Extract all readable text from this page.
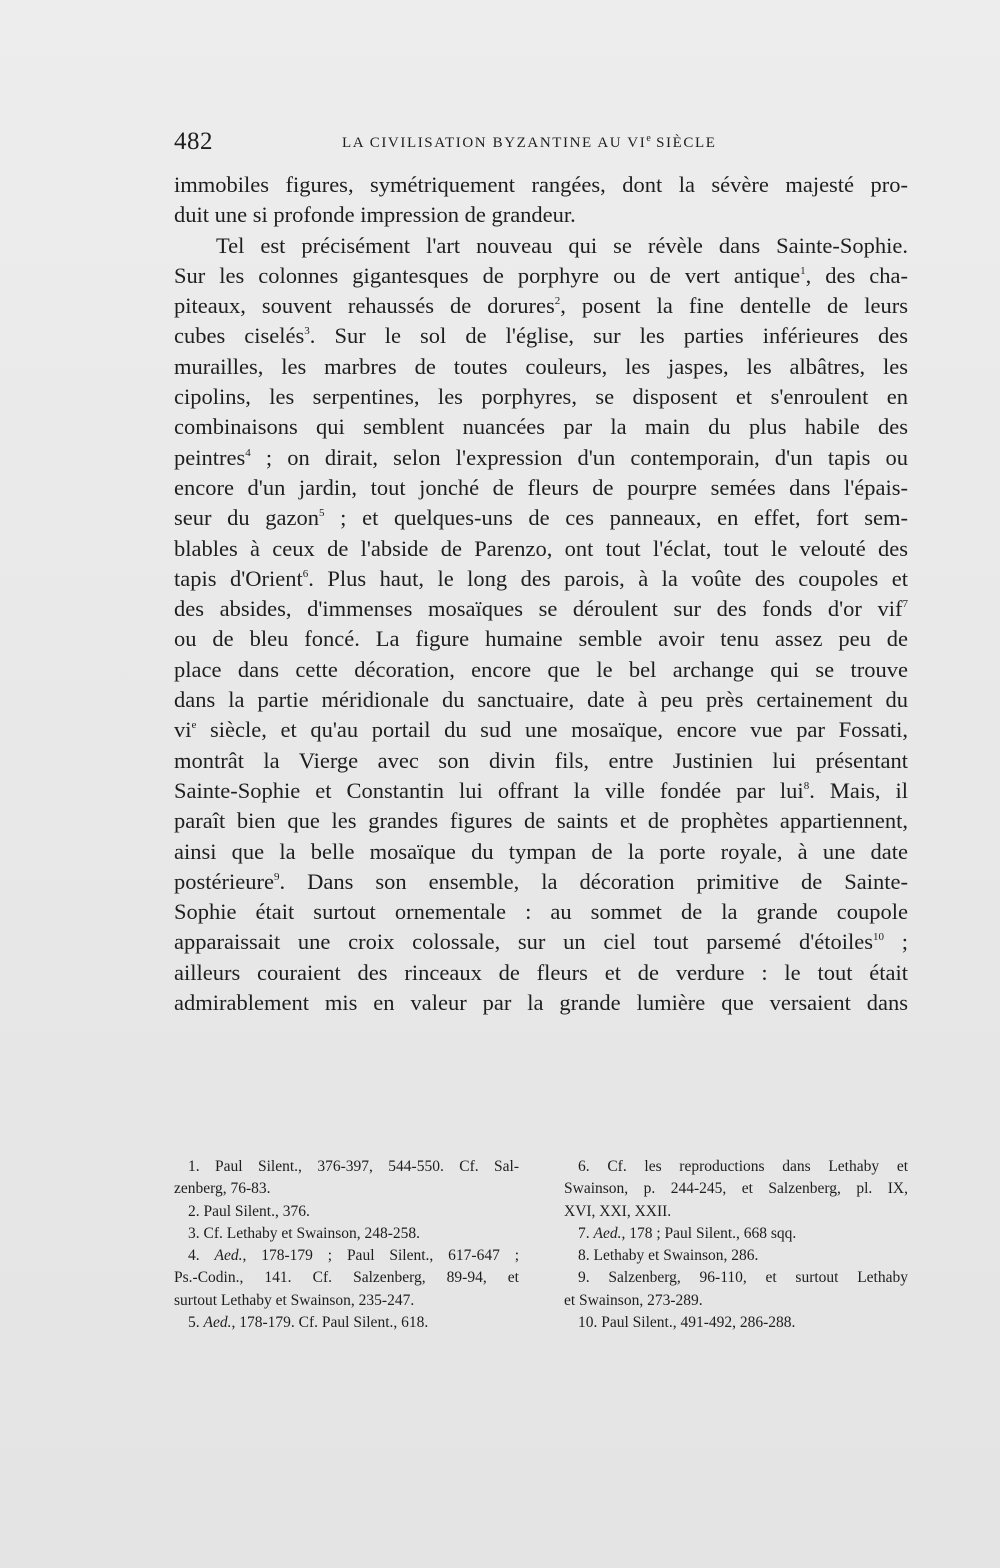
482	LA CIVILISATION BYZANTINE AU VIe SIÈCLE
immobiles figures, symétriquement rangées, dont la sévère majesté pro-
duit une si profonde impression de grandeur.
Tel est précisément l'art nouveau qui se révèle dans Sainte-Sophie.
Sur les colonnes gigantesques de porphyre ou de vert antique$^1$, des cha-
piteaux, souvent rehaussés de dorures$^2$, posent la fine dentelle de leurs
cubes ciselés$^3$. Sur le sol de l'église, sur les parties inférieures des
murailles, les marbres de toutes couleurs, les jaspes, les albâtres, les
cipolins, les serpentines, les porphyres, se disposent et s'enroulent en
combinaisons qui semblent nuancées par la main du plus habile des
peintres$^4$ ; on dirait, selon l'expression d'un contemporain, d'un tapis ou
encore d'un jardin, tout jonché de fleurs de pourpre semées dans l'épais-
seur du gazon$^5$ ; et quelques-uns de ces panneaux, en effet, fort sem-
blables à ceux de l'abside de Parenzo, ont tout l'éclat, tout le velouté des
tapis d'Orient$^6$. Plus haut, le long des parois, à la voûte des coupoles et
des absides, d'immenses mosaïques se déroulent sur des fonds d'or vif$^7$
ou de bleu foncé. La figure humaine semble avoir tenu assez peu de
place dans cette décoration, encore que le bel archange qui se trouve
dans la partie méridionale du sanctuaire, date à peu près certainement du
$vi^e$ siècle, et qu'au portail du sud une mosaïque, encore vue par Fossati,
montrât la Vierge avec son divin fils, entre Justinien lui présentant
Sainte-Sophie et Constantin lui offrant la ville fondée par lui$^8$. Mais, il
paraît bien que les grandes figures de saints et de prophètes appartiennent,
ainsi que la belle mosaïque du tympan de la porte royale, à une date
postérieure$^9$. Dans son ensemble, la décoration primitive de Sainte-
Sophie était surtout ornementale : au sommet de la grande coupole
apparaissait une croix colossale, sur un ciel tout parsemé d'étoiles$^{10}$ ;
ailleurs couraient des rinceaux de fleurs et de verdure : le tout était
admirablement mis en valeur par la grande lumière que versaient dans
1. Paul Silent., 376-397, 544-550. Cf. Sal-
zenberg, 76-83.
2. Paul Silent., 376.
3. Cf. Lethaby et Swainson, 248-258.
4. Aed., 178-179 ; Paul Silent., 617-647 ;
Ps.-Codin., 141. Cf. Salzenberg, 89-94, et
surtout Lethaby et Swainson, 235-247.
5. Aed., 178-179. Cf. Paul Silent., 618.
6. Cf. les reproductions dans Lethaby et
Swainson, p. 244-245, et Salzenberg, pl. IX,
XVI, XXI, XXII.
7. Aed., 178 ; Paul Silent., 668 sqq.
8. Lethaby et Swainson, 286.
9. Salzenberg, 96-110, et surtout Lethaby
et Swainson, 273-289.
10. Paul Silent., 491-492, 286-288.
